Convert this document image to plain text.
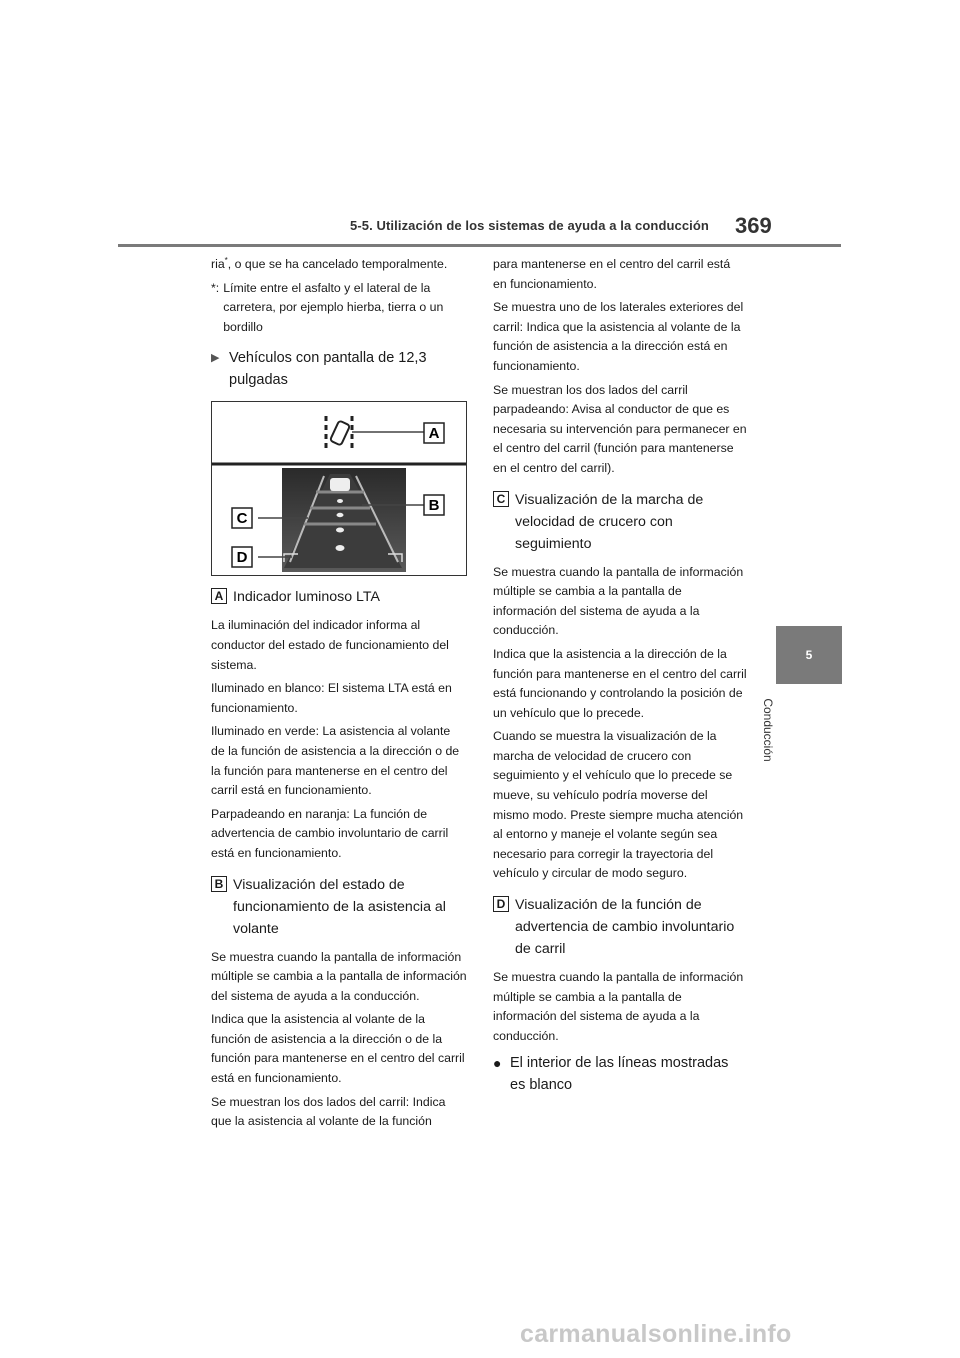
5-5. Utilización de los sistemas de ayuda a la conducción 369
5
Conducción

ria*, o que se ha cancelado temporalmente.

*: Límite entre el asfalto y el lateral de la carretera, por ejemplo hierba, tierra o un bordillo
▶ Vehículos con pantalla de 12,3 pulgadas
A
B
C
D
A Indicador luminoso LTA

La iluminación del indicador informa al conductor del estado de funcionamiento del sistema.

Iluminado en blanco: El sistema LTA está en funcionamiento.

Iluminado en verde: La asistencia al volante de la función de asistencia a la dirección o de la función para mantenerse en el centro del carril está en funcionamiento.

Parpadeando en naranja: La función de advertencia de cambio involuntario de carril está en funcionamiento.

B Visualización del estado de funcionamiento de la asistencia al volante

Se muestra cuando la pantalla de información múltiple se cambia a la pantalla de información del sistema de ayuda a la conducción.

Indica que la asistencia al volante de la función de asistencia a la dirección o de la función para mantenerse en el centro del carril está en funcionamiento.

Se muestran los dos lados del carril: Indica que la asistencia al volante de la función

para mantenerse en el centro del carril está en funcionamiento.

Se muestra uno de los laterales exteriores del carril: Indica que la asistencia al volante de la función de asistencia a la dirección está en funcionamiento.

Se muestran los dos lados del carril parpadeando: Avisa al conductor de que es necesaria su intervención para permanecer en el centro del carril (función para mantenerse en el centro del carril).

C Visualización de la marcha de velocidad de crucero con seguimiento

Se muestra cuando la pantalla de información múltiple se cambia a la pantalla de información del sistema de ayuda a la conducción.

Indica que la asistencia a la dirección de la función para mantenerse en el centro del carril está funcionando y controlando la posición de un vehículo que lo precede.

Cuando se muestra la visualización de la marcha de velocidad de crucero con seguimiento y el vehículo que lo precede se mueve, su vehículo podría moverse del mismo modo. Preste siempre mucha atención al entorno y maneje el volante según sea necesario para corregir la trayectoria del vehículo y circular de modo seguro.

D Visualización de la función de advertencia de cambio involuntario de carril

Se muestra cuando la pantalla de información múltiple se cambia a la pantalla de información del sistema de ayuda a la conducción.

● El interior de las líneas mostradas es blanco
carmanualsonline.info
